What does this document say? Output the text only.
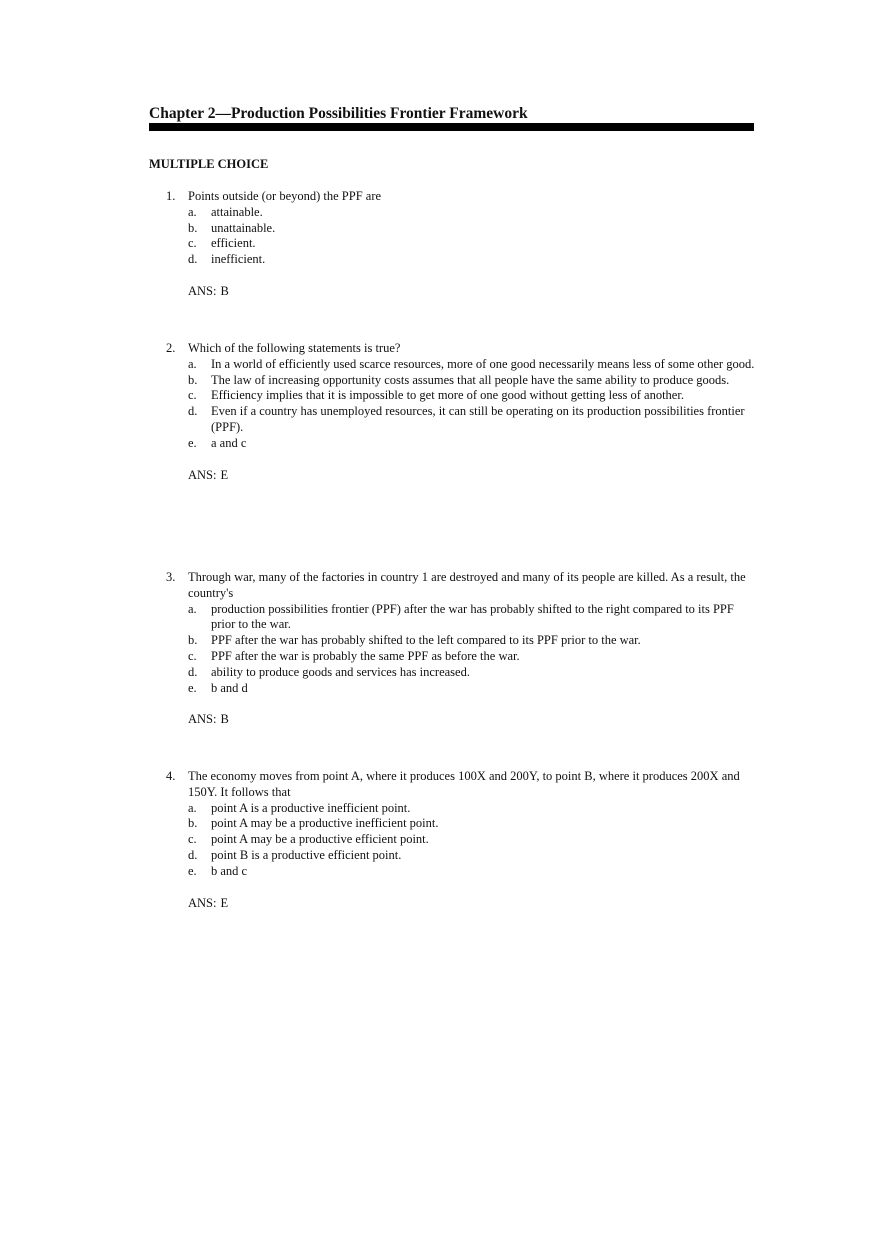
Chapter 2—Production Possibilities Frontier Framework
MULTIPLE CHOICE
1.	Points outside (or beyond) the PPF are
a.	attainable.
b.	unattainable.
c.	efficient.
d.	inefficient.
ANS: B
2.	Which of the following statements is true?
a.	In a world of efficiently used scarce resources, more of one good necessarily means less of some other good.
b.	The law of increasing opportunity costs assumes that all people have the same ability to produce goods.
c.	Efficiency implies that it is impossible to get more of one good without getting less of another.
d.	Even if a country has unemployed resources, it can still be operating on its production possibilities frontier (PPF).
e.	a and c
ANS: E
3.	Through war, many of the factories in country 1 are destroyed and many of its people are killed. As a result, the country's
a.	production possibilities frontier (PPF) after the war has probably shifted to the right compared to its PPF prior to the war.
b.	PPF after the war has probably shifted to the left compared to its PPF prior to the war.
c.	PPF after the war is probably the same PPF as before the war.
d.	ability to produce goods and services has increased.
e.	b and d
ANS: B
4.	The economy moves from point A, where it produces 100X and 200Y, to point B, where it produces 200X and 150Y. It follows that
a.	point A is a productive inefficient point.
b.	point A may be a productive inefficient point.
c.	point A may be a productive efficient point.
d.	point B is a productive efficient point.
e.	b and c
ANS: E
